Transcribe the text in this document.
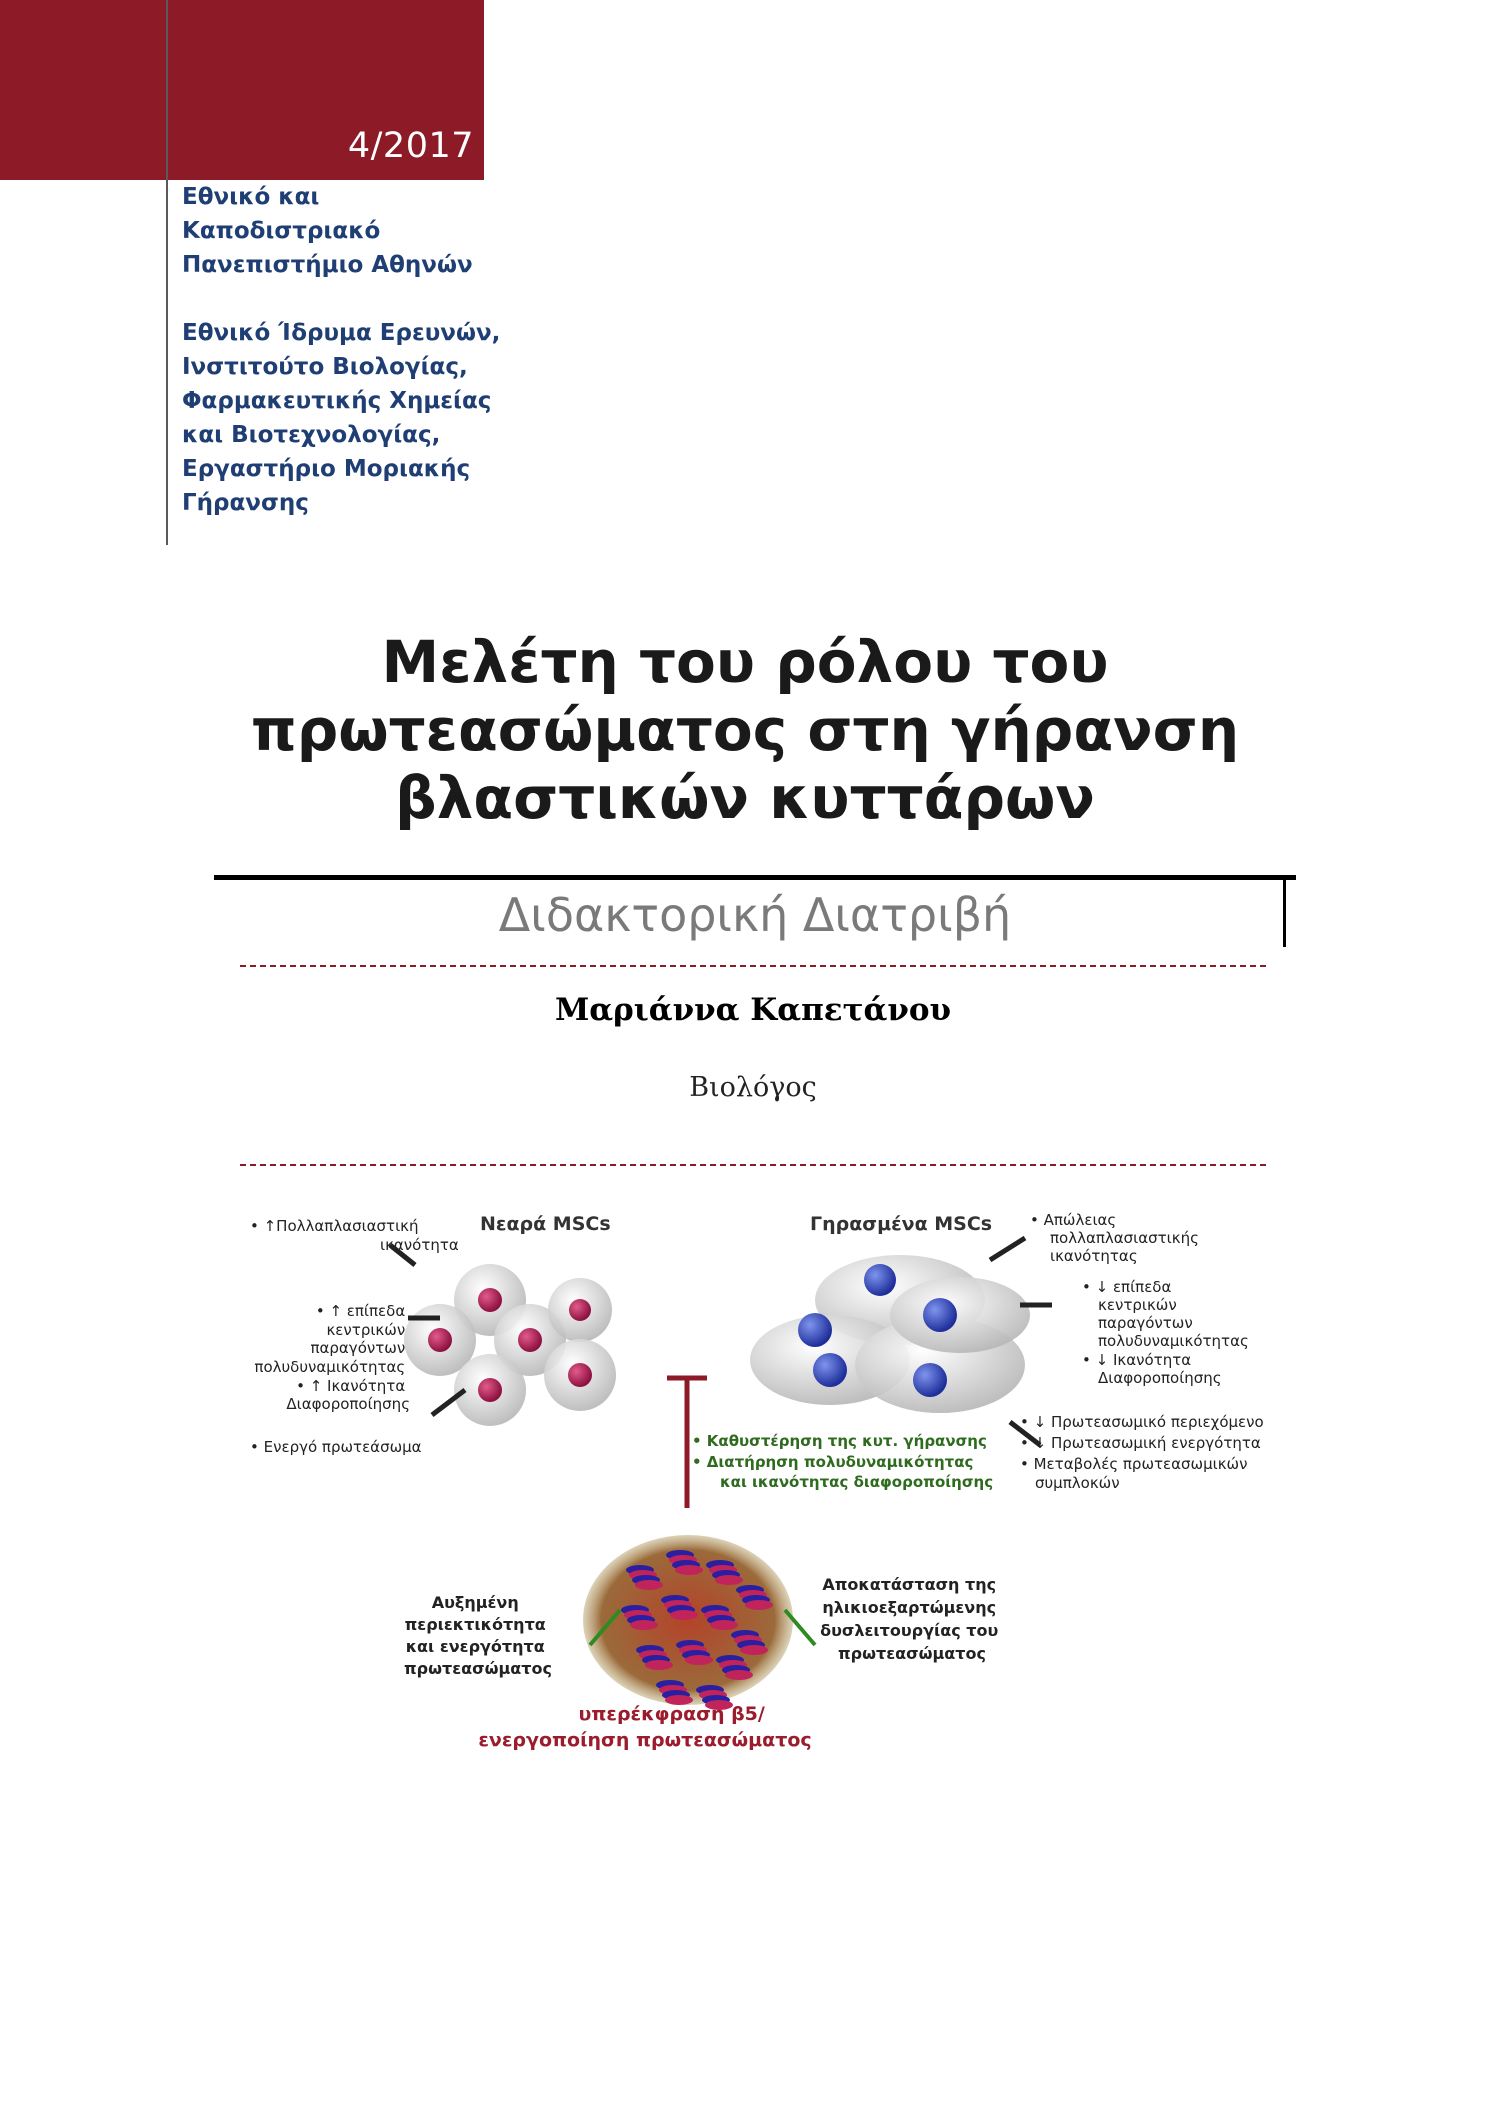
4/2017
Εθνικό και
Καποδιστριακό
Πανεπιστήμιο Αθηνών
Εθνικό Ίδρυμα Ερευνών,
Ινστιτούτο Βιολογίας,
Φαρμακευτικής Χημείας
και Βιοτεχνολογίας,
Εργαστήριο Μοριακής
Γήρανσης
Μελέτη του ρόλου του
πρωτεασώματος στη γήρανση
βλαστικών κυττάρων
Διδακτορική Διατριβή
Μαριάννα Καπετάνου
Βιολόγος
Νεαρά MSCs	Γηρασμένα MSCs
• ↑Πολλαπλασιαστική ικανότητα
• ↑ επίπεδα κεντρικών παραγόντων πολυδυναμικότητας • ↑ Ικανότητα Διαφοροποίησης
• Ενεργό πρωτεάσωμα
• Απώλειας πολλαπλασιαστικής ικανότητας
• ↓ επίπεδα κεντρικών παραγόντων πολυδυναμικότητας • ↓ Ικανότητα Διαφοροποίησης
• ↓ Πρωτεασωμικό περιεχόμενο • ↓ Πρωτεασωμική ενεργότητα • Μεταβολές πρωτεασωμικών συμπλοκών
• Καθυστέρηση της κυτ. γήρανσης • Διατήρηση πολυδυναμικότητας και ικανότητας διαφοροποίησης
Αυξημένη περιεκτικότητα και ενεργότητα πρωτεασώματος
Αποκατάσταση της ηλικιοεξαρτώμενης δυσλειτουργίας του πρωτεασώματος
υπερέκφραση β5/ ενεργοποίηση πρωτεασώματος
